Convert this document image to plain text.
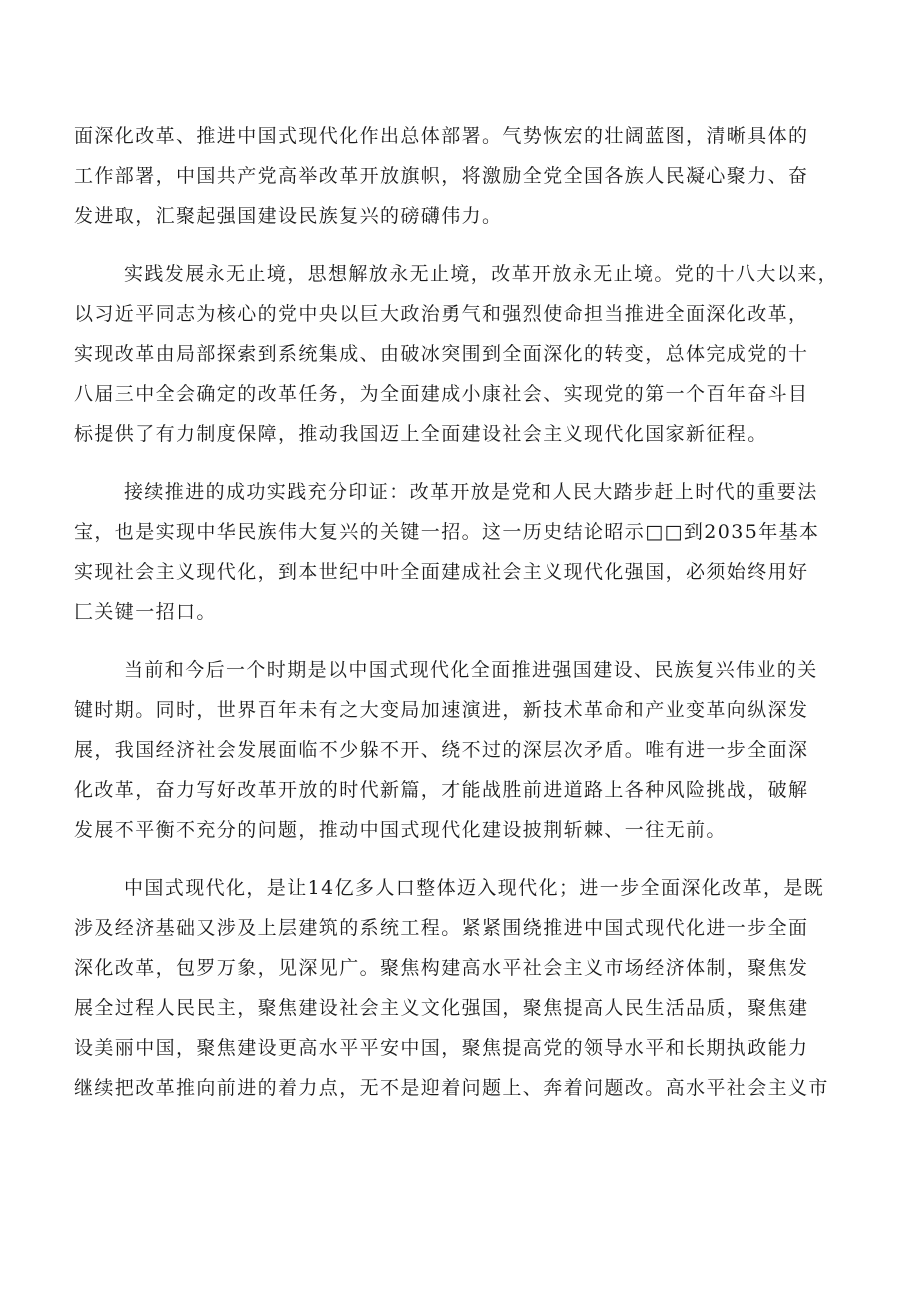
面深化改革、推进中国式现代化作出总体部署。气势恢宏的壮阔蓝图，清晰具体的
工作部署，中国共产党高举改革开放旗帜，将激励全党全国各族人民凝心聚力、奋
发进取，汇聚起强国建设民族复兴的磅礴伟力。

实践发展永无止境，思想解放永无止境，改革开放永无止境。党的十八大以来，
以习近平同志为核心的党中央以巨大政治勇气和强烈使命担当推进全面深化改革，
实现改革由局部探索到系统集成、由破冰突围到全面深化的转变，总体完成党的十
八届三中全会确定的改革任务，为全面建成小康社会、实现党的第一个百年奋斗目
标提供了有力制度保障，推动我国迈上全面建设社会主义现代化国家新征程。

接续推进的成功实践充分印证：改革开放是党和人民大踏步赶上时代的重要法
宝，也是实现中华民族伟大复兴的关键一招。这一历史结论昭示□□到2035年基本
实现社会主义现代化，到本世纪中叶全面建成社会主义现代化强国，必须始终用好
匚关键一招口。

当前和今后一个时期是以中国式现代化全面推进强国建设、民族复兴伟业的关
键时期。同时，世界百年未有之大变局加速演进，新技术革命和产业变革向纵深发
展，我国经济社会发展面临不少躲不开、绕不过的深层次矛盾。唯有进一步全面深
化改革，奋力写好改革开放的时代新篇，才能战胜前进道路上各种风险挑战，破解
发展不平衡不充分的问题，推动中国式现代化建设披荆斩棘、一往无前。

中国式现代化，是让14亿多人口整体迈入现代化；进一步全面深化改革，是既
涉及经济基础又涉及上层建筑的系统工程。紧紧围绕推进中国式现代化进一步全面
深化改革，包罗万象，见深见广。聚焦构建高水平社会主义市场经济体制，聚焦发
展全过程人民民主，聚焦建设社会主义文化强国，聚焦提高人民生活品质，聚焦建
设美丽中国，聚焦建设更高水平平安中国，聚焦提高党的领导水平和长期执政能力
继续把改革推向前进的着力点，无不是迎着问题上、奔着问题改。高水平社会主义市
